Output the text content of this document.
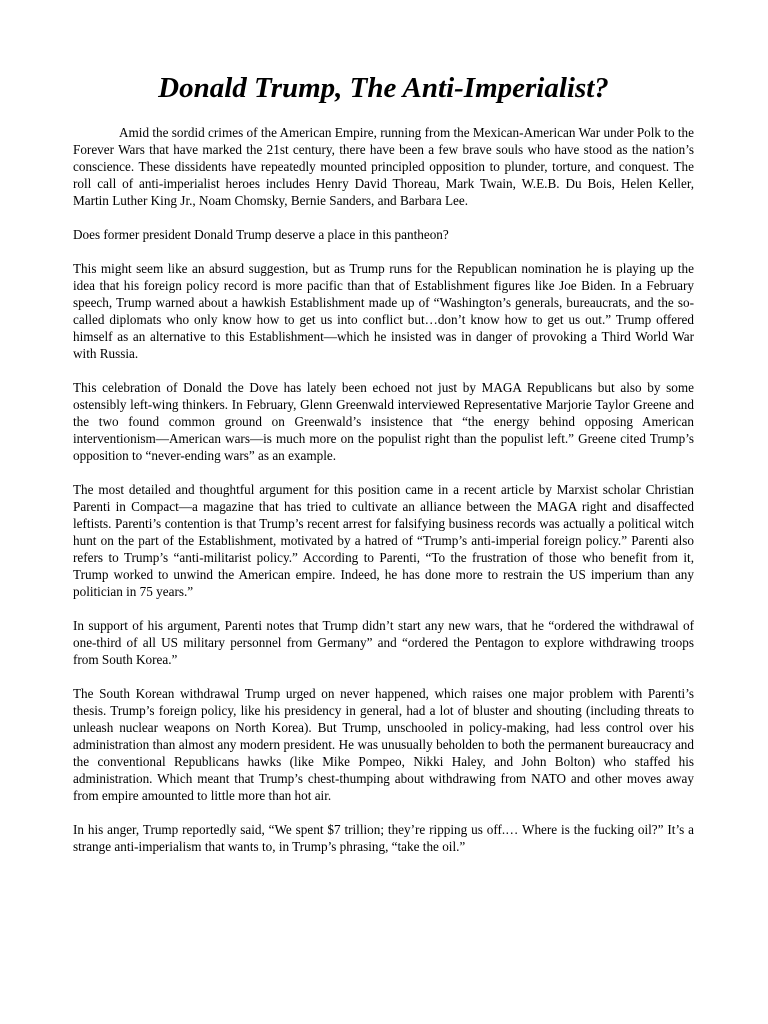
Donald Trump, The Anti-Imperialist?

Amid the sordid crimes of the American Empire, running from the Mexican-American War under Polk to the Forever Wars that have marked the 21st century, there have been a few brave souls who have stood as the nation’s conscience. These dissidents have repeatedly mounted principled opposition to plunder, torture, and conquest. The roll call of anti-imperialist heroes includes Henry David Thoreau, Mark Twain, W.E.B. Du Bois, Helen Keller, Martin Luther King Jr., Noam Chomsky, Bernie Sanders, and Barbara Lee.

Does former president Donald Trump deserve a place in this pantheon?

This might seem like an absurd suggestion, but as Trump runs for the Republican nomination he is playing up the idea that his foreign policy record is more pacific than that of Establishment figures like Joe Biden. In a February speech, Trump warned about a hawkish Establishment made up of “Washington’s generals, bureaucrats, and the so-called diplomats who only know how to get us into conflict but…don’t know how to get us out.” Trump offered himself as an alternative to this Establishment—which he insisted was in danger of provoking a Third World War with Russia.

This celebration of Donald the Dove has lately been echoed not just by MAGA Republicans but also by some ostensibly left-wing thinkers. In February, Glenn Greenwald interviewed Representative Marjorie Taylor Greene and the two found common ground on Greenwald’s insistence that “the energy behind opposing American interventionism—American wars—is much more on the populist right than the populist left.” Greene cited Trump’s opposition to “never-ending wars” as an example.

The most detailed and thoughtful argument for this position came in a recent article by Marxist scholar Christian Parenti in Compact—a magazine that has tried to cultivate an alliance between the MAGA right and disaffected leftists. Parenti’s contention is that Trump’s recent arrest for falsifying business records was actually a political witch hunt on the part of the Establishment, motivated by a hatred of “Trump’s anti-imperial foreign policy.” Parenti also refers to Trump’s “anti-militarist policy.” According to Parenti, “To the frustration of those who benefit from it, Trump worked to unwind the American empire. Indeed, he has done more to restrain the US imperium than any politician in 75 years.”

In support of his argument, Parenti notes that Trump didn’t start any new wars, that he “ordered the withdrawal of one-third of all US military personnel from Germany” and “ordered the Pentagon to explore withdrawing troops from South Korea.”

The South Korean withdrawal Trump urged on never happened, which raises one major problem with Parenti’s thesis. Trump’s foreign policy, like his presidency in general, had a lot of bluster and shouting (including threats to unleash nuclear weapons on North Korea). But Trump, unschooled in policy-making, had less control over his administration than almost any modern president. He was unusually beholden to both the permanent bureaucracy and the conventional Republicans hawks (like Mike Pompeo, Nikki Haley, and John Bolton) who staffed his administration. Which meant that Trump’s chest-thumping about withdrawing from NATO and other moves away from empire amounted to little more than hot air.

In his anger, Trump reportedly said, “We spent $7 trillion; they’re ripping us off.… Where is the fucking oil?” It’s a strange anti-imperialism that wants to, in Trump’s phrasing, “take the oil.”
